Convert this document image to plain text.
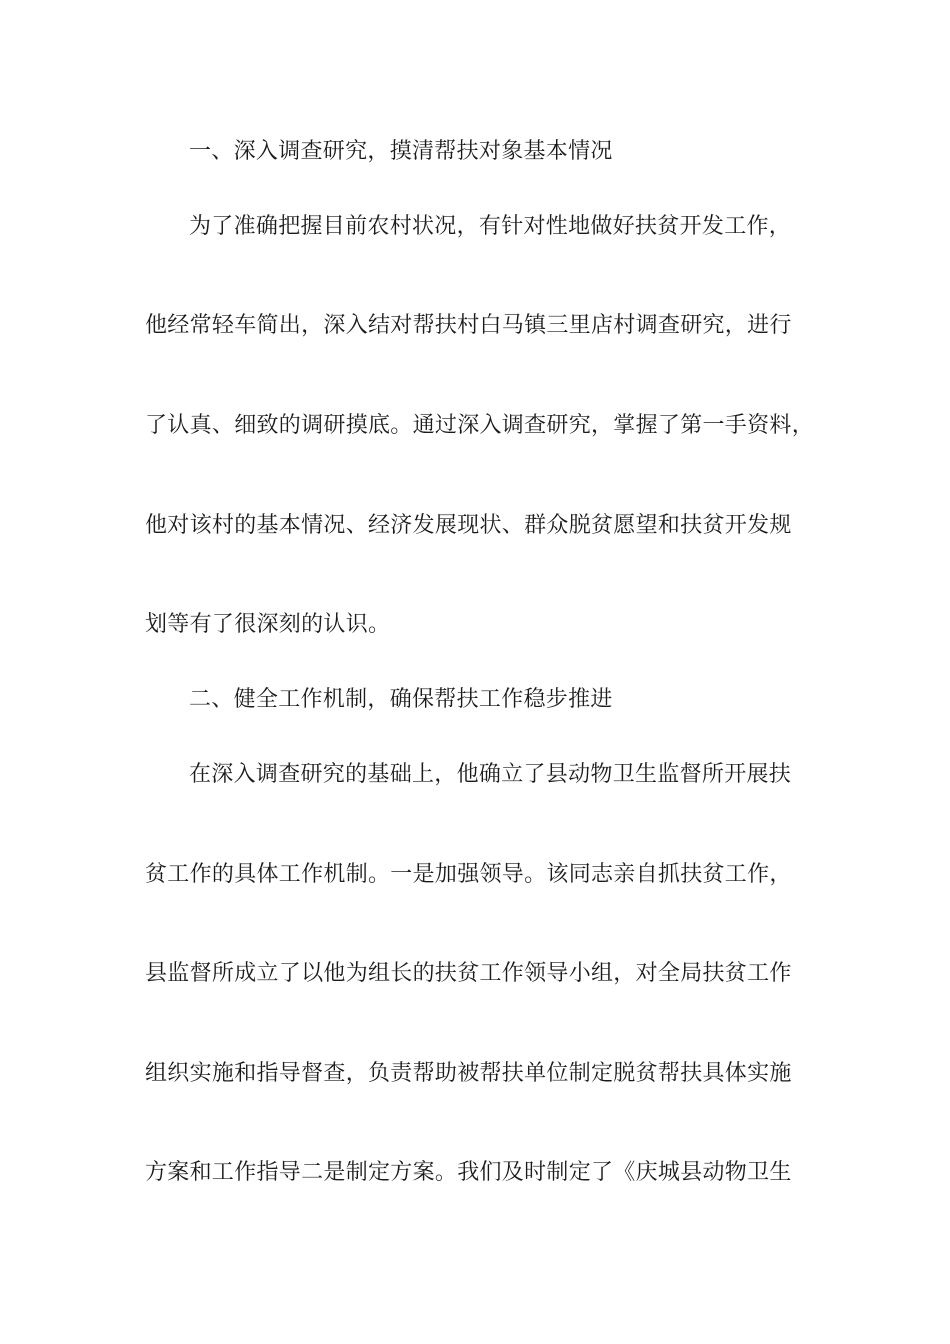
一、深入调查研究，摸清帮扶对象基本情况
为了准确把握目前农村状况，有针对性地做好扶贫开发工作，
他经常轻车简出，深入结对帮扶村白马镇三里店村调查研究，进行
了认真、细致的调研摸底。通过深入调查研究，掌握了第一手资料，
他对该村的基本情况、经济发展现状、群众脱贫愿望和扶贫开发规
划等有了很深刻的认识。
二、健全工作机制，确保帮扶工作稳步推进
在深入调查研究的基础上，他确立了县动物卫生监督所开展扶
贫工作的具体工作机制。一是加强领导。该同志亲自抓扶贫工作，
县监督所成立了以他为组长的扶贫工作领导小组，对全局扶贫工作
组织实施和指导督查，负责帮助被帮扶单位制定脱贫帮扶具体实施
方案和工作指导二是制定方案。我们及时制定了《庆城县动物卫生
